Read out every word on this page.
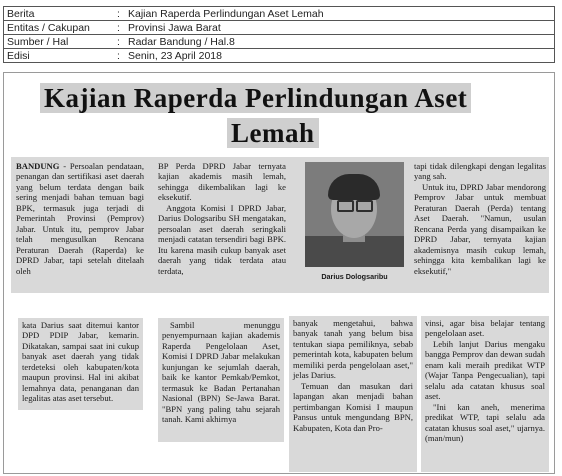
Berita	:	Kajian Raperda Perlindungan Aset Lemah
Entitas / Cakupan	:	Provinsi Jawa Barat
Sumber / Hal	:	Radar Bandung / Hal.8
Edisi	:	Senin, 23 April 2018
Kajian Raperda Perlindungan Aset
Lemah

BANDUNG - Persoalan pendataan, penangan dan sertifikasi aset daerah yang belum terdata dengan baik sering menjadi bahan temuan bagi BPK, termasuk juga terjadi di Pemerintah Provinsi (Pemprov) Jabar. Untuk itu, pemprov Jabar telah mengusulkan Rencana Peraturan Daerah (Raperda) ke DPRD Jabar, tapi setelah ditelaah oleh

BP Perda DPRD Jabar ternyata kajian akademis masih lemah, sehingga dikembalikan lagi ke eksekutif.

Anggota Komisi I DPRD Jabar, Darius Dologsaribu SH mengatakan, persoalan aset daerah seringkali menjadi catatan tersendiri bagi BPK. Itu karena masih cukup banyak aset daerah yang tidak terdata atau terdata,

Darius Dologsaribu

tapi tidak dilengkapi dengan legalitas yang sah.

Untuk itu, DPRD Jabar mendorong Pemprov Jabar untuk membuat Peraturan Daerah (Perda) tentang Aset Daerah. "Namun, usulan Rencana Perda yang disampaikan ke DPRD Jabar, ternyata kajian akademisnya masih cukup lemah, sehingga kita kembalikan lagi ke eksekutif,"

kata Darius saat ditemui kantor DPD PDIP Jabar, kemarin. Dikatakan, sampai saat ini cukup banyak aset daerah yang tidak terdeteksi oleh kabupaten/kota maupun provinsi. Hal ini akibat lemahnya data, penanganan dan legalitas atas aset tersebut.

Sambil menunggu penyempurnaan kajian akademis Raperda Pengelolaan Aset, Komisi I DPRD Jabar melakukan kunjungan ke sejumlah daerah, baik ke kantor Pemkab/Pemkot, termasuk ke Badan Pertanahan Nasional (BPN) Se-Jawa Barat. "BPN yang paling tahu sejarah tanah. Kami akhirnya

banyak mengetahui, bahwa banyak tanah yang belum bisa tentukan siapa pemiliknya, sebab pemerintah kota, kabupaten belum memiliki perda pengelolaan aset," jelas Darius.

Temuan dan masukan dari lapangan akan menjadi bahan pertimbangan Komisi I maupun Pansus untuk mengundang BPN, Kabupaten, Kota dan Pro-

vinsi, agar bisa belajar tentang pengelolaan aset.

Lebih lanjut Darius mengaku bangga Pemprov dan dewan sudah enam kali meraih predikat WTP (Wajar Tanpa Pengecualian), tapi selalu ada catatan khusus soal aset.

"Ini kan aneh, menerima predikat WTP, tapi selalu ada catatan khusus soal aset," ujarnya. (man/mun)
